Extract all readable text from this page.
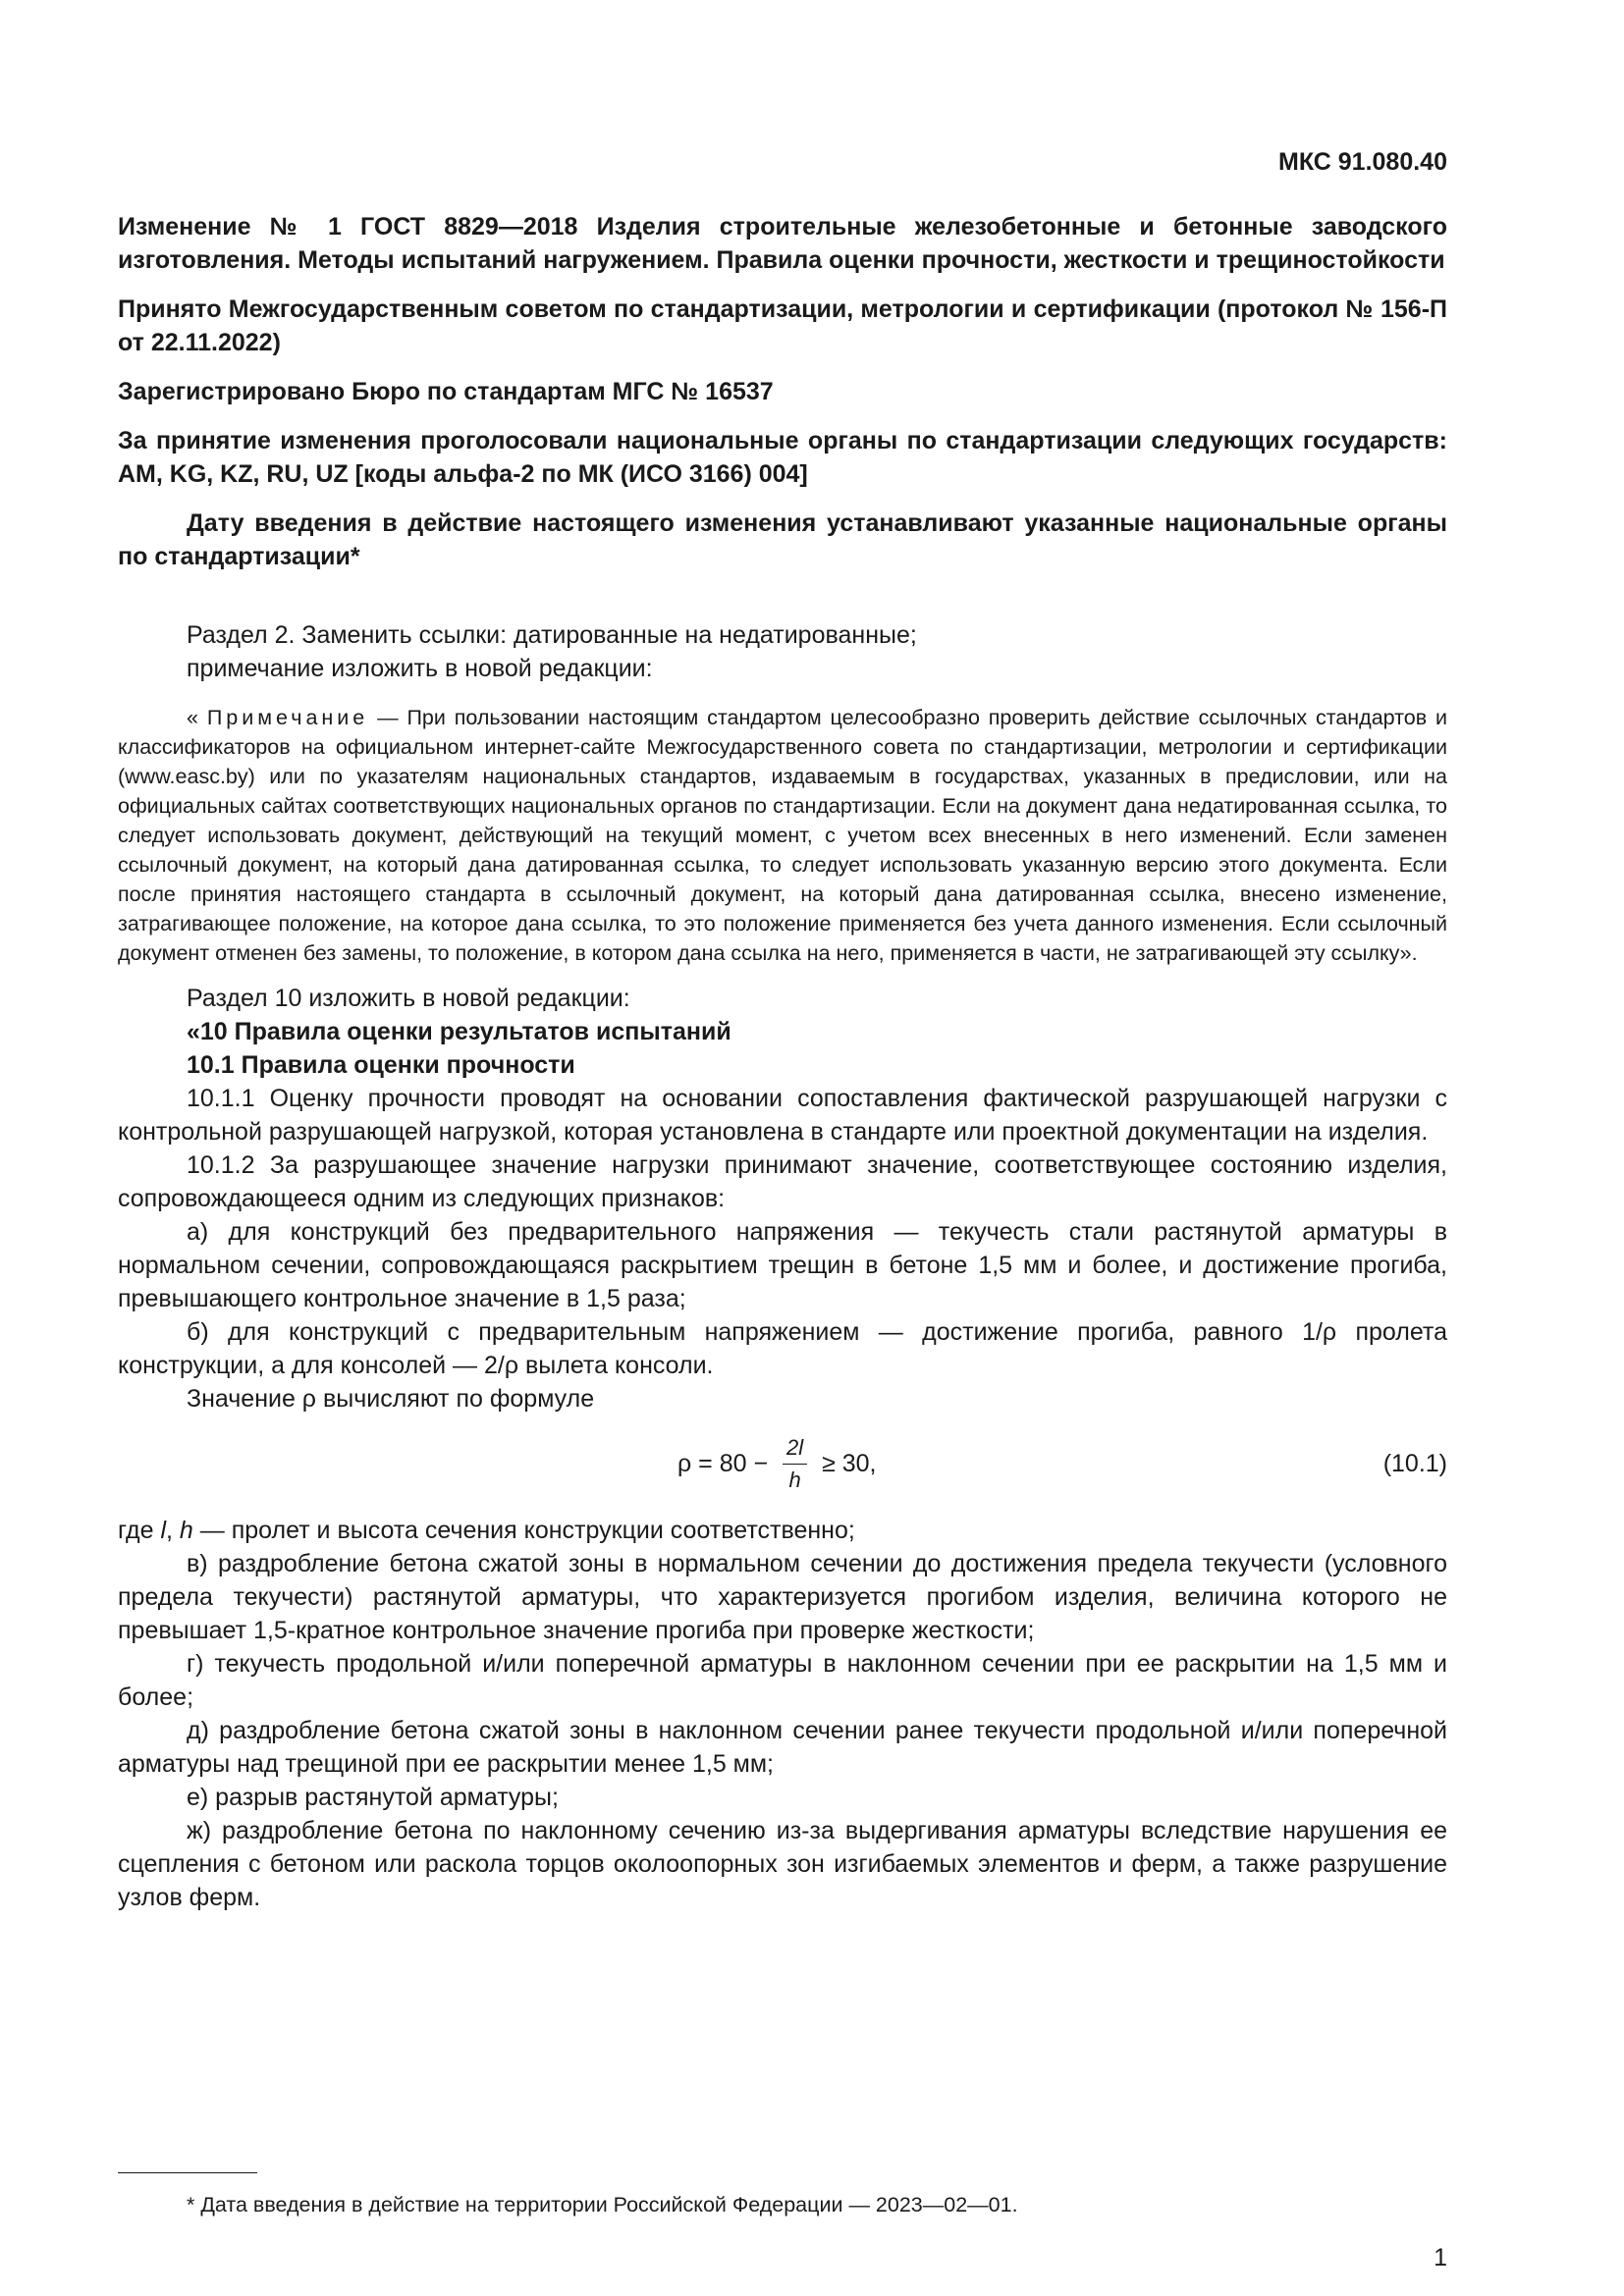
МКС 91.080.40

Изменение № 1 ГОСТ 8829—2018 Изделия строительные железобетонные и бетонные заводского изготовления. Методы испытаний нагружением. Правила оценки прочности, жесткости и трещиностойкости

Принято Межгосударственным советом по стандартизации, метрологии и сертификации (протокол № 156-П от 22.11.2022)

Зарегистрировано Бюро по стандартам МГС № 16537

За принятие изменения проголосовали национальные органы по стандартизации следующих государств: AM, KG, KZ, RU, UZ [коды альфа-2 по МК (ИСО 3166) 004]

Дату введения в действие настоящего изменения устанавливают указанные национальные органы по стандартизации*

Раздел 2. Заменить ссылки: датированные на недатированные;

примечание изложить в новой редакции:

« Примечание — При пользовании настоящим стандартом целесообразно проверить действие ссылочных стандартов и классификаторов на официальном интернет-сайте Межгосударственного совета по стандартизации, метрологии и сертификации (www.easc.by) или по указателям национальных стандартов, издаваемым в государствах, указанных в предисловии, или на официальных сайтах соответствующих национальных органов по стандартизации. Если на документ дана недатированная ссылка, то следует использовать документ, действующий на текущий момент, с учетом всех внесенных в него изменений. Если заменен ссылочный документ, на который дана датированная ссылка, то следует использовать указанную версию этого документа. Если после принятия настоящего стандарта в ссылочный документ, на который дана датированная ссылка, внесено изменение, затрагивающее положение, на которое дана ссылка, то это положение применяется без учета данного изменения. Если ссылочный документ отменен без замены, то положение, в котором дана ссылка на него, применяется в части, не затрагивающей эту ссылку».

Раздел 10 изложить в новой редакции:

«10 Правила оценки результатов испытаний

10.1 Правила оценки прочности

10.1.1 Оценку прочности проводят на основании сопоставления фактической разрушающей нагрузки с контрольной разрушающей нагрузкой, которая установлена в стандарте или проектной документации на изделия.

10.1.2 За разрушающее значение нагрузки принимают значение, соответствующее состоянию изделия, сопровождающееся одним из следующих признаков:

а) для конструкций без предварительного напряжения — текучесть стали растянутой арматуры в нормальном сечении, сопровождающаяся раскрытием трещин в бетоне 1,5 мм и более, и достижение прогиба, превышающего контрольное значение в 1,5 раза;

б) для конструкций с предварительным напряжением — достижение прогиба, равного 1/ρ пролета конструкции, а для консолей — 2/ρ вылета консоли.

Значение ρ вычисляют по формуле

$\rho = 80 - \frac{2l}{h} \ge 30$,	(10.1)

где l, h — пролет и высота сечения конструкции соответственно;

в) раздробление бетона сжатой зоны в нормальном сечении до достижения предела текучести (условного предела текучести) растянутой арматуры, что характеризуется прогибом изделия, величина которого не превышает 1,5-кратное контрольное значение прогиба при проверке жесткости;

г) текучесть продольной и/или поперечной арматуры в наклонном сечении при ее раскрытии на 1,5 мм и более;

д) раздробление бетона сжатой зоны в наклонном сечении ранее текучести продольной и/или поперечной арматуры над трещиной при ее раскрытии менее 1,5 мм;

е) разрыв растянутой арматуры;

ж) раздробление бетона по наклонному сечению из-за выдергивания арматуры вследствие нарушения ее сцепления с бетоном или раскола торцов околоопорных зон изгибаемых элементов и ферм, а также разрушение узлов ферм.

* Дата введения в действие на территории Российской Федерации — 2023—02—01.
1
